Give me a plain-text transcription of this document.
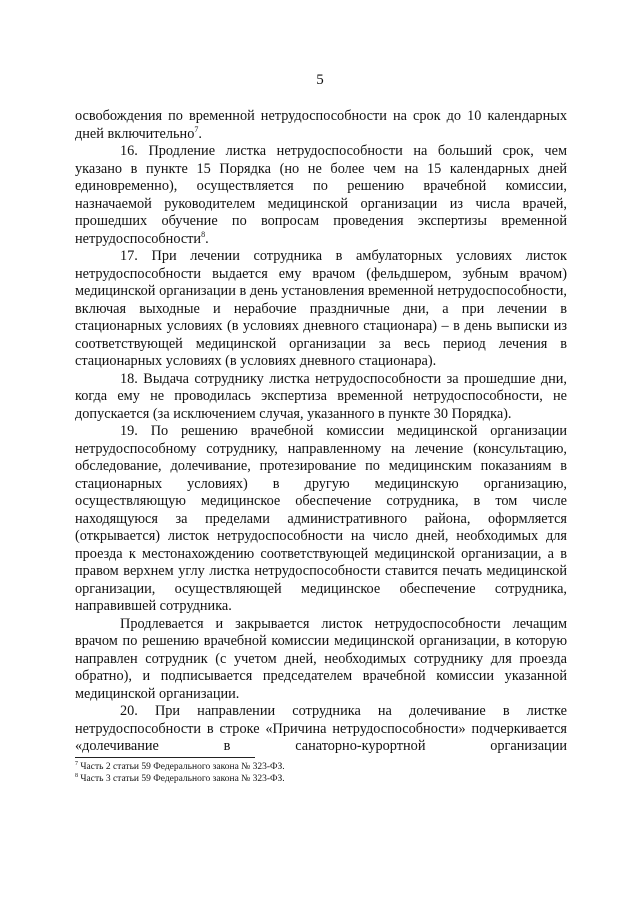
5

освобождения по временной нетрудоспособности на срок до 10 календарных дней включительно$^7$.

16. Продление листка нетрудоспособности на больший срок, чем указано в пункте 15 Порядка (но не более чем на 15 календарных дней единовременно), осуществляется по решению врачебной комиссии, назначаемой руководителем медицинской организации из числа врачей, прошедших обучение по вопросам проведения экспертизы временной нетрудоспособности$^8$.

17. При лечении сотрудника в амбулаторных условиях листок нетрудоспособности выдается ему врачом (фельдшером, зубным врачом) медицинской организации в день установления временной нетрудоспособности, включая выходные и нерабочие праздничные дни, а при лечении в стационарных условиях (в условиях дневного стационара) – в день выписки из соответствующей медицинской организации за весь период лечения в стационарных условиях (в условиях дневного стационара).

18. Выдача сотруднику листка нетрудоспособности за прошедшие дни, когда ему не проводилась экспертиза временной нетрудоспособности, не допускается (за исключением случая, указанного в пункте 30 Порядка).

19. По решению врачебной комиссии медицинской организации нетрудоспособному сотруднику, направленному на лечение (консультацию, обследование, долечивание, протезирование по медицинским показаниям в стационарных условиях) в другую медицинскую организацию, осуществляющую медицинское обеспечение сотрудника, в том числе находящуюся за пределами административного района, оформляется (открывается) листок нетрудоспособности на число дней, необходимых для проезда к местонахождению соответствующей медицинской организации, а в правом верхнем углу листка нетрудоспособности ставится печать медицинской организации, осуществляющей медицинское обеспечение сотрудника, направившей сотрудника.

Продлевается и закрывается листок нетрудоспособности лечащим врачом по решению врачебной комиссии медицинской организации, в которую направлен сотрудник (с учетом дней, необходимых сотруднику для проезда обратно), и подписывается председателем врачебной комиссии указанной медицинской организации.

20. При направлении сотрудника на долечивание в листке нетрудоспособности в строке «Причина нетрудоспособности» подчеркивается «долечивание в санаторно-курортной организации

$^7$ Часть 2 статьи 59 Федерального закона № 323-ФЗ.
$^8$ Часть 3 статьи 59 Федерального закона № 323-ФЗ.
